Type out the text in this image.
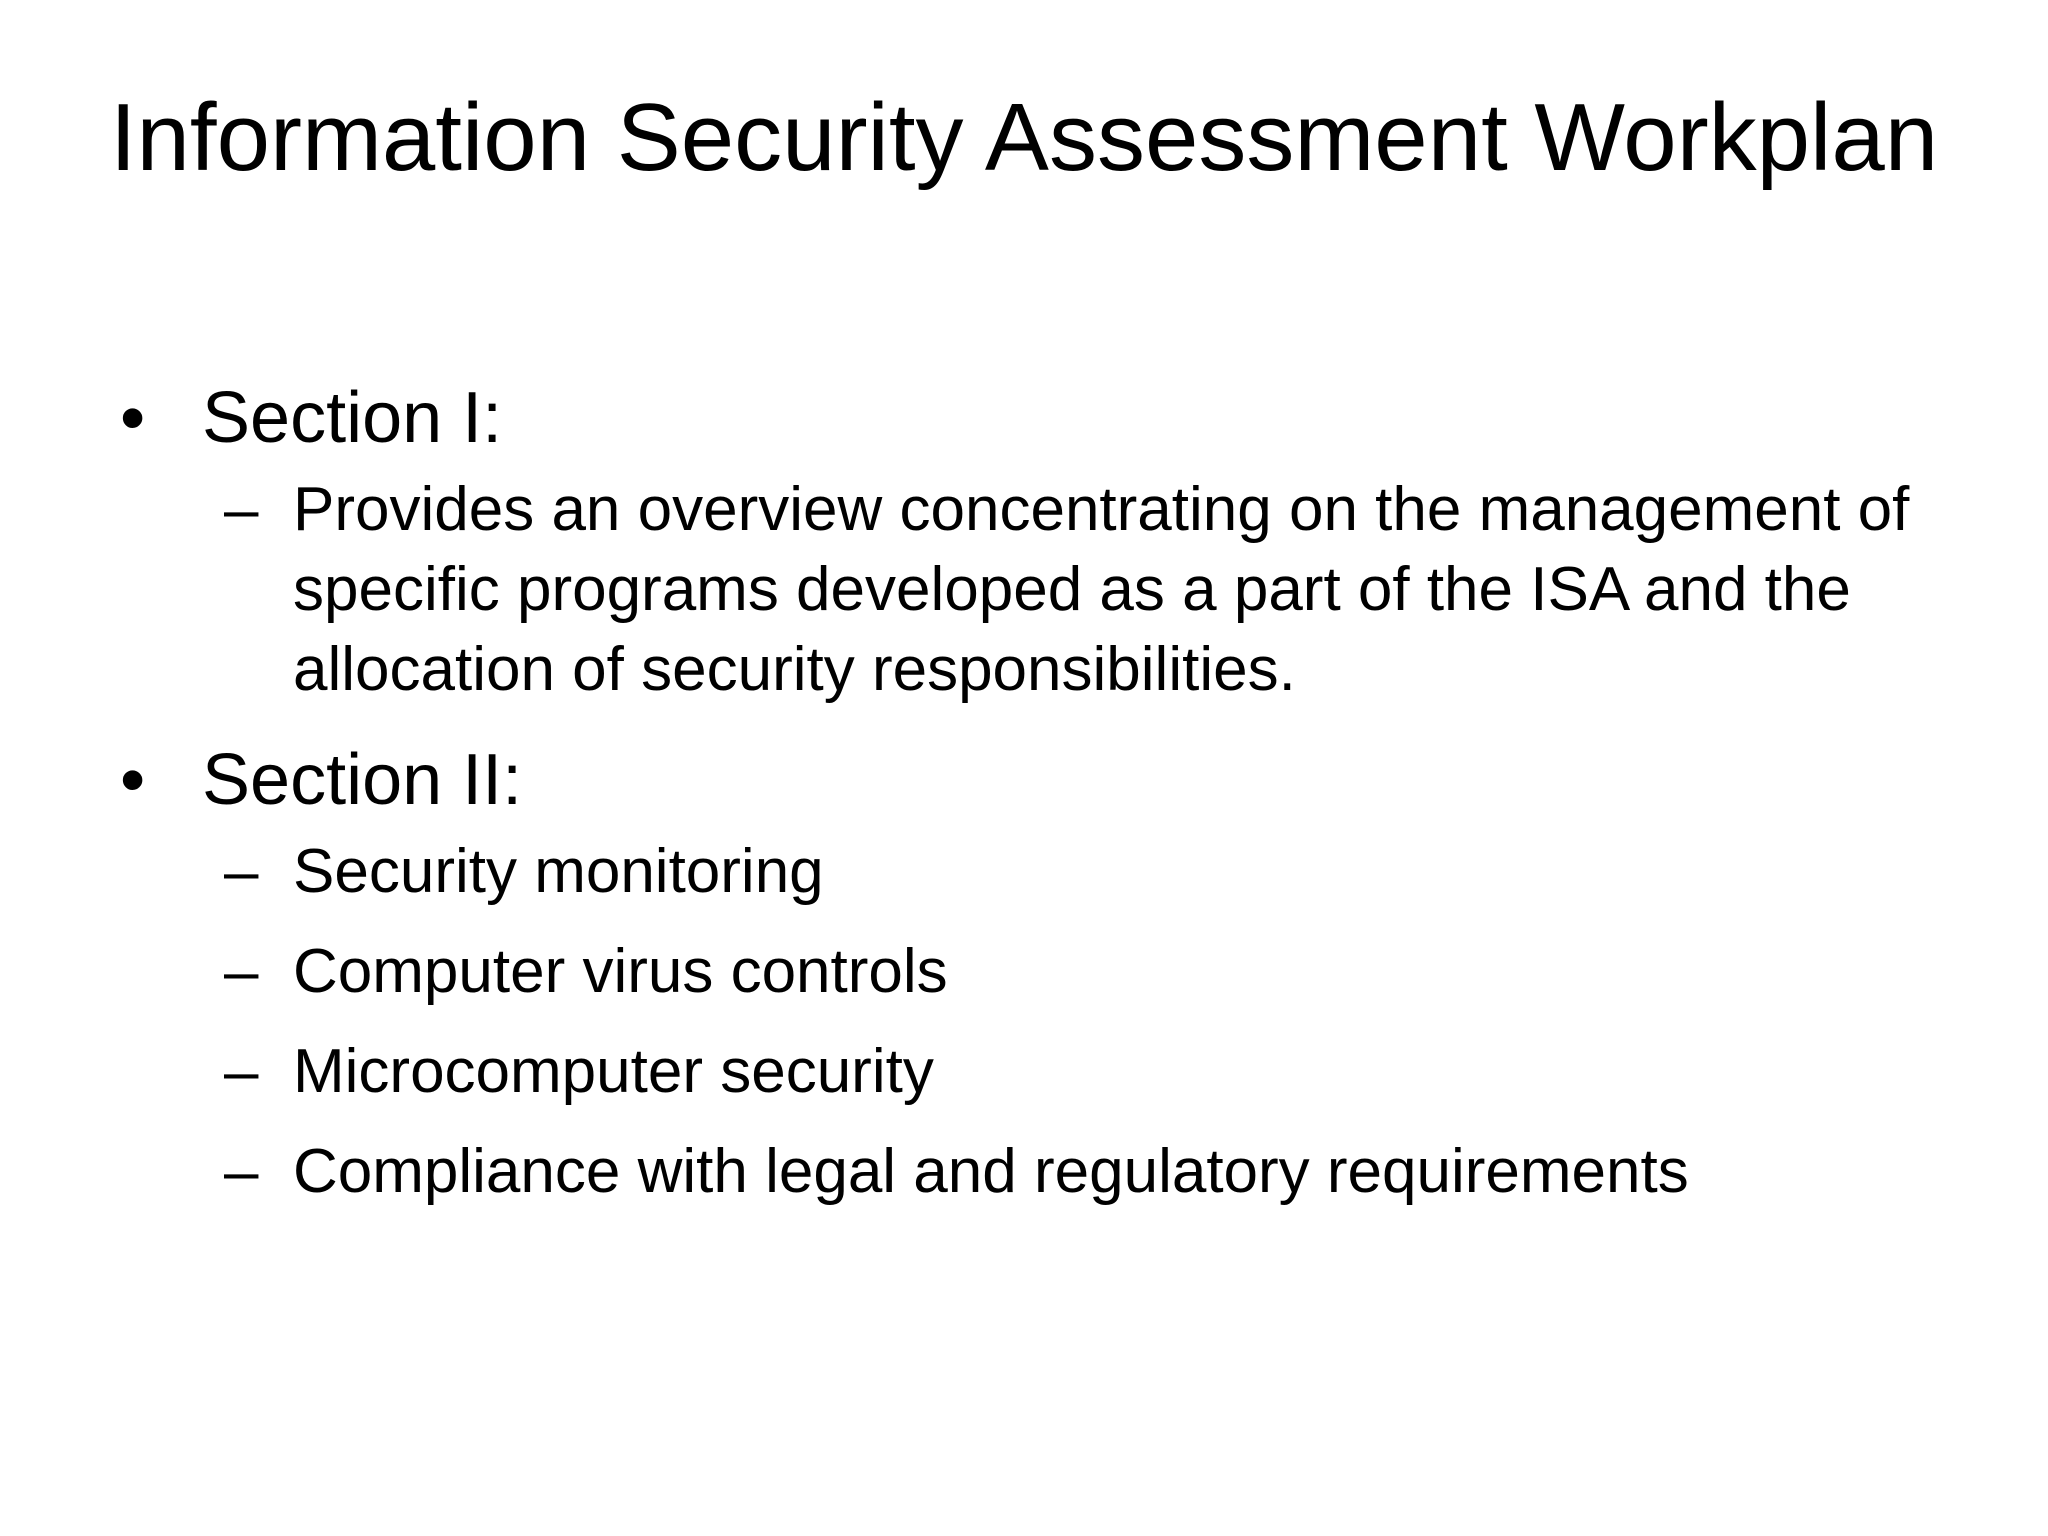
Information Security Assessment Workplan
• Section I:
– Provides an overview concentrating on the management of specific programs developed as a part of the ISA and the allocation of security responsibilities.
• Section II:
– Security monitoring
– Computer virus controls
– Microcomputer security
– Compliance with legal and regulatory requirements
